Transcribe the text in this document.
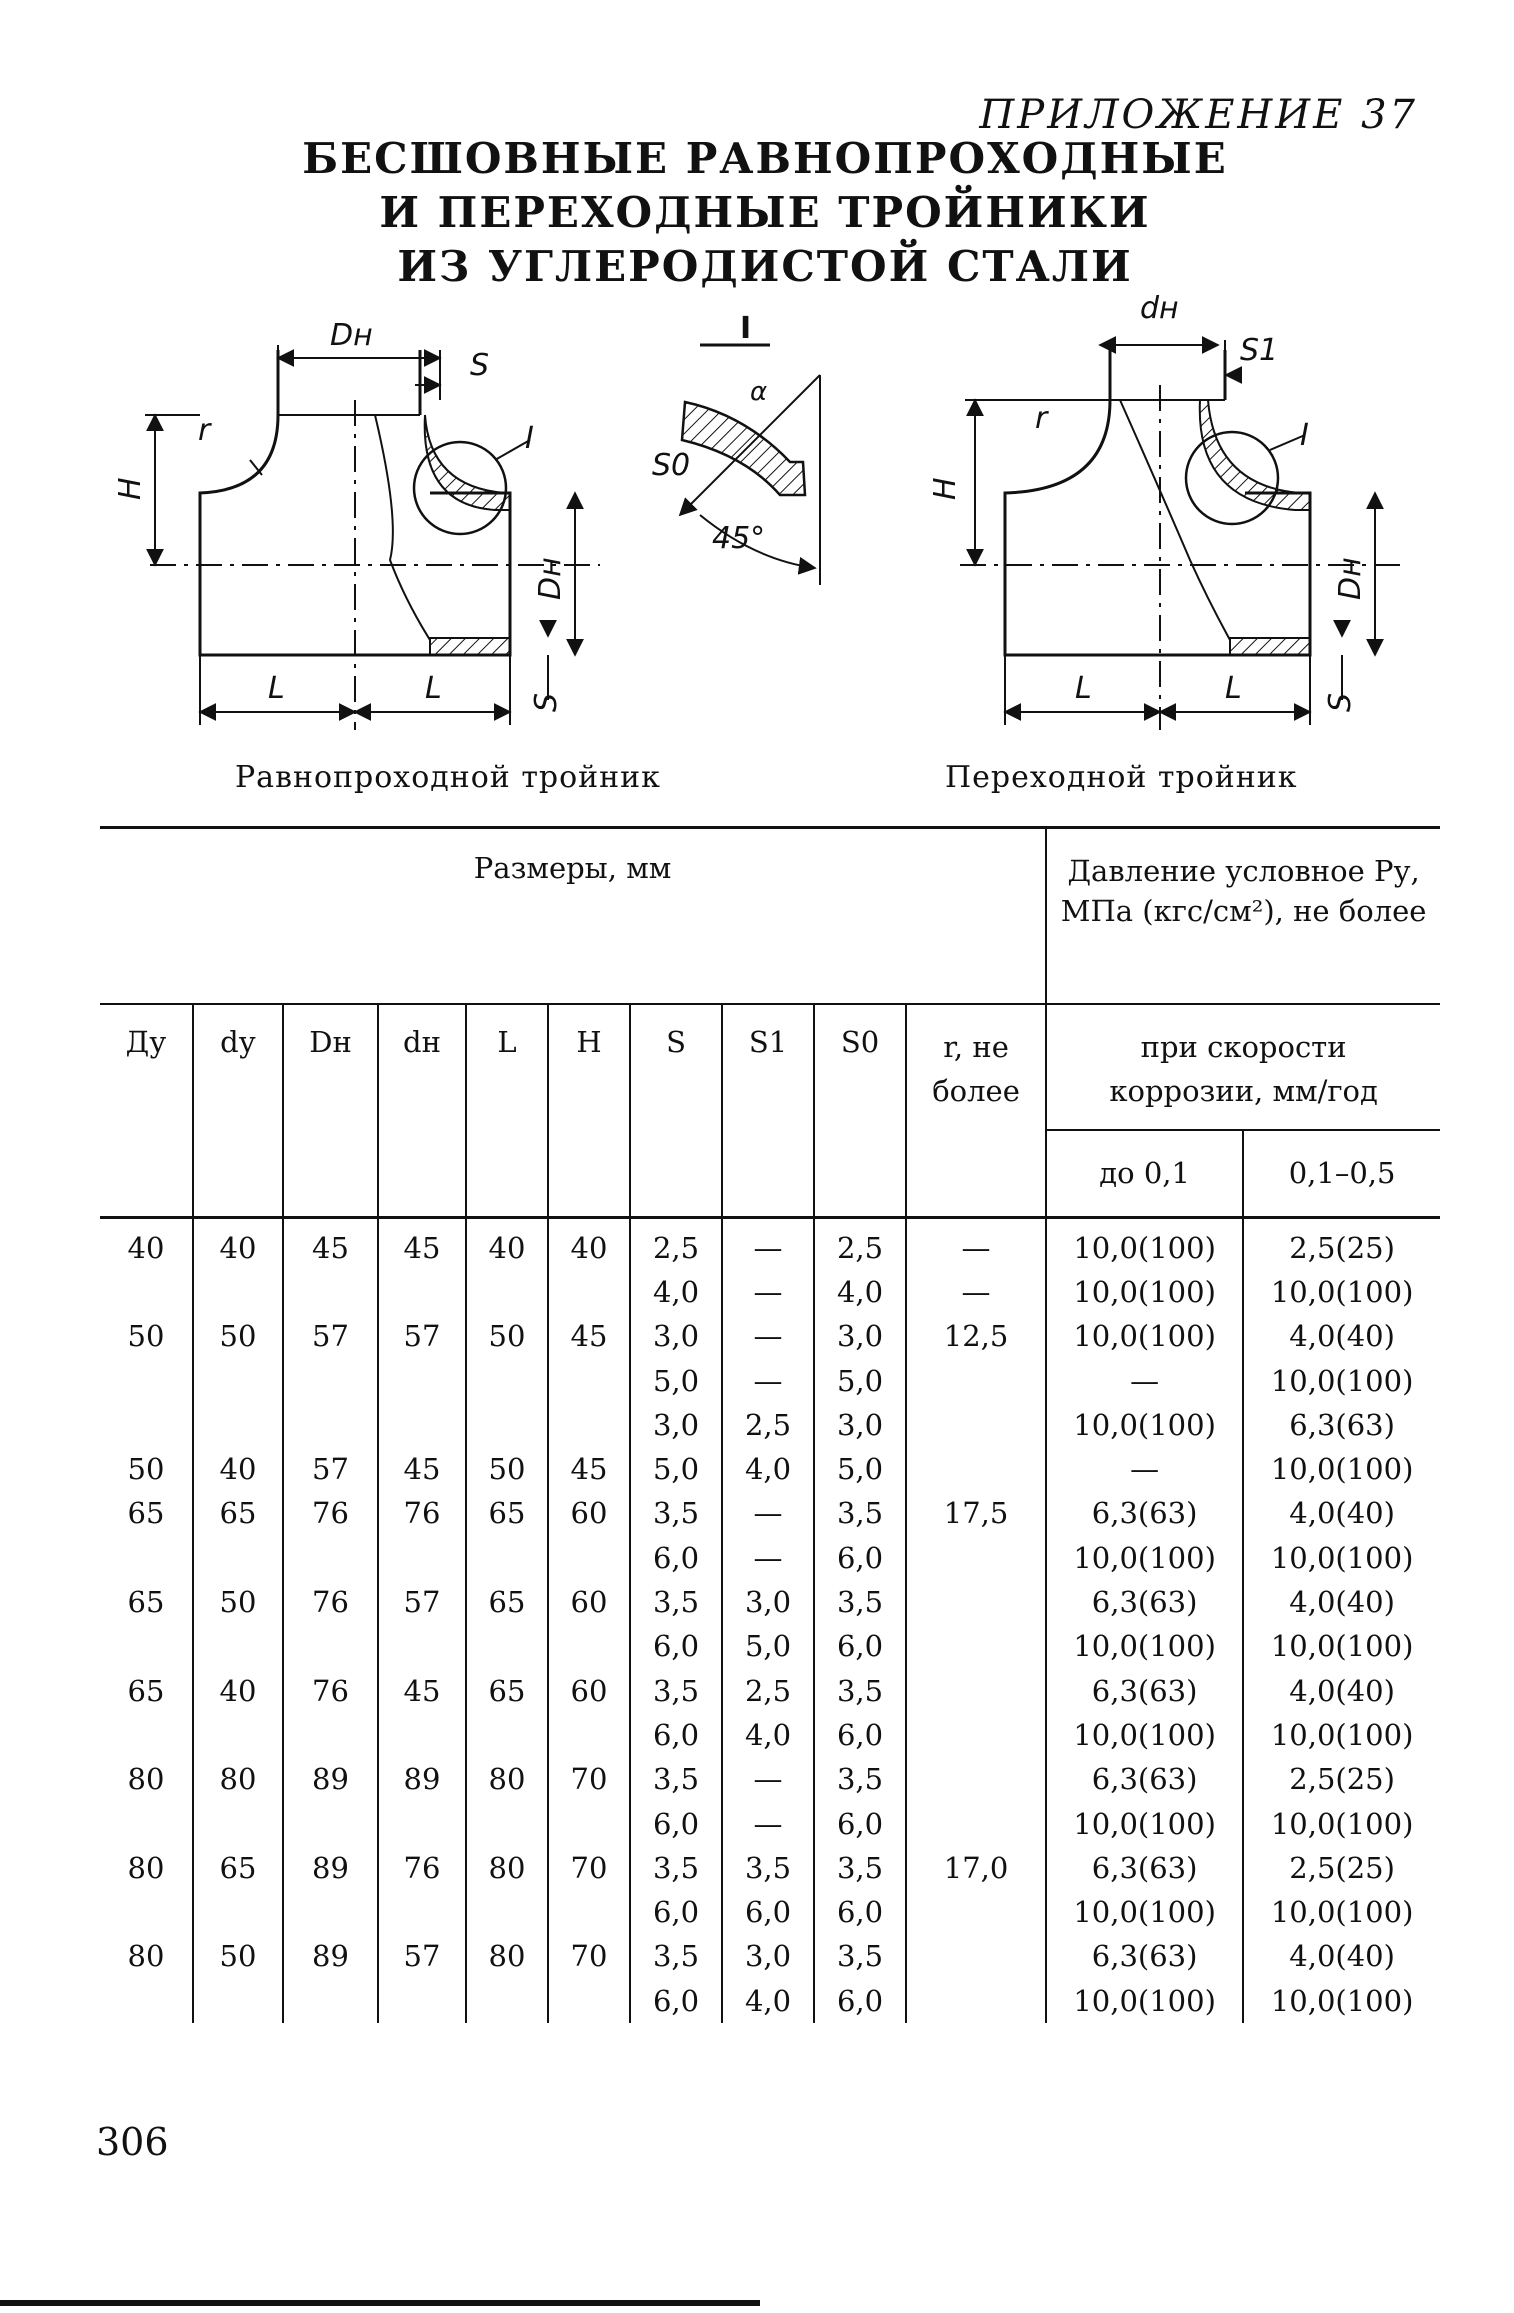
ПРИЛОЖЕНИЕ 37
БЕСШОВНЫЕ РАВНОПРОХОДНЫЕ
И ПЕРЕХОДНЫЕ ТРОЙНИКИ
ИЗ УГЛЕРОДИСТОЙ СТАЛИ
Dн
S
I
r
H
Dн
L	L	S
I
α
S0
45°
dн
S1
I
r
H
Dн
L	L	S
Равнопроходной тройник	Переходной тройник
Размеры, мм										Давление условное Ру, МПа (кгс/см²), не более	
Ду	dу	Dн	dн	L	H	S	S1	S0	r, не более	при скорости коррозии, мм/год	
										до 0,1	0,1–0,5

40	40	45	45	40	40	2,5	—	2,5	—	10,0(100)	2,5(25)
						4,0	—	4,0	—	10,0(100)	10,0(100)
50	50	57	57	50	45	3,0	—	3,0	12,5	10,0(100)	4,0(40)
						5,0	—	5,0		—	10,0(100)
						3,0	2,5	3,0		10,0(100)	6,3(63)
50	40	57	45	50	45	5,0	4,0	5,0		—	10,0(100)
65	65	76	76	65	60	3,5	—	3,5	17,5	6,3(63)	4,0(40)
						6,0	—	6,0		10,0(100)	10,0(100)
65	50	76	57	65	60	3,5	3,0	3,5		6,3(63)	4,0(40)
						6,0	5,0	6,0		10,0(100)	10,0(100)
65	40	76	45	65	60	3,5	2,5	3,5		6,3(63)	4,0(40)
						6,0	4,0	6,0		10,0(100)	10,0(100)
80	80	89	89	80	70	3,5	—	3,5		6,3(63)	2,5(25)
						6,0	—	6,0		10,0(100)	10,0(100)
80	65	89	76	80	70	3,5	3,5	3,5	17,0	6,3(63)	2,5(25)
						6,0	6,0	6,0		10,0(100)	10,0(100)
80	50	89	57	80	70	3,5	3,0	3,5		6,3(63)	4,0(40)
						6,0	4,0	6,0		10,0(100)	10,0(100)
306
